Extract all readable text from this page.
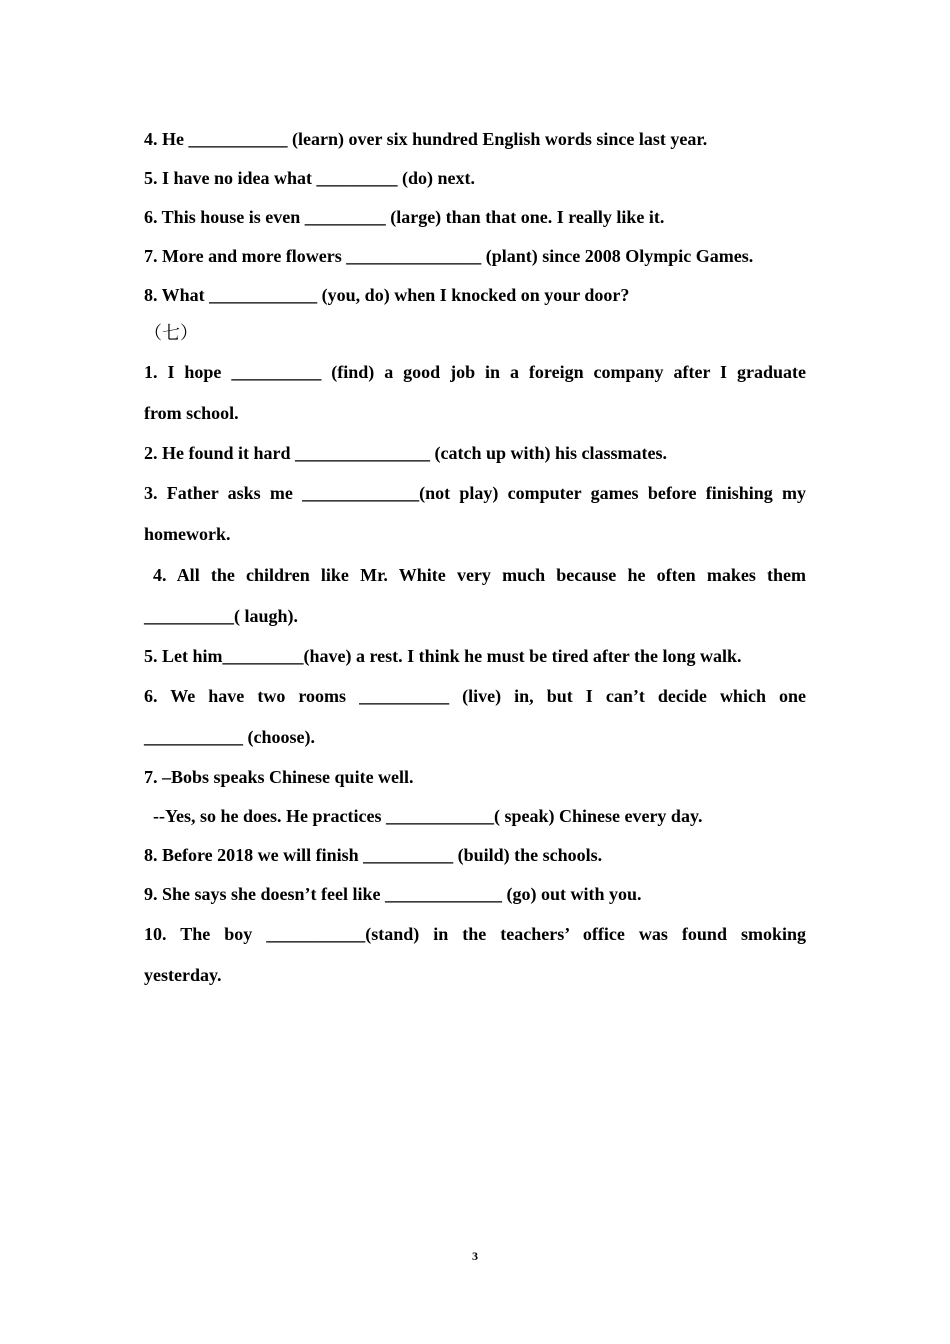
4. He ___________ (learn) over six hundred English words since last year.

5. I have no idea what _________ (do) next.

6. This house is even _________ (large) than that one. I really like it.

7. More and more flowers _______________ (plant) since 2008 Olympic Games.

8. What ____________ (you, do) when I knocked on your door?

（七）

1. I hope __________ (find) a good job in a foreign company after I graduate

from school.

2. He found it hard _______________ (catch up with) his classmates.

3. Father asks me _____________(not play) computer games before finishing my

homework.

4. All the children like Mr. White very much because he often makes them

__________( laugh).

5. Let him_________(have) a rest. I think he must be tired after the long walk.

6. We have two rooms __________ (live) in, but I can’t decide which one

___________ (choose).

7. –Bobs speaks Chinese quite well.

--Yes, so he does. He practices ____________( speak) Chinese every day.

8. Before 2018 we will finish __________ (build) the schools.

9. She says she doesn’t feel like _____________ (go) out with you.

10. The boy ___________(stand) in the teachers’ office was found smoking

yesterday.

3
